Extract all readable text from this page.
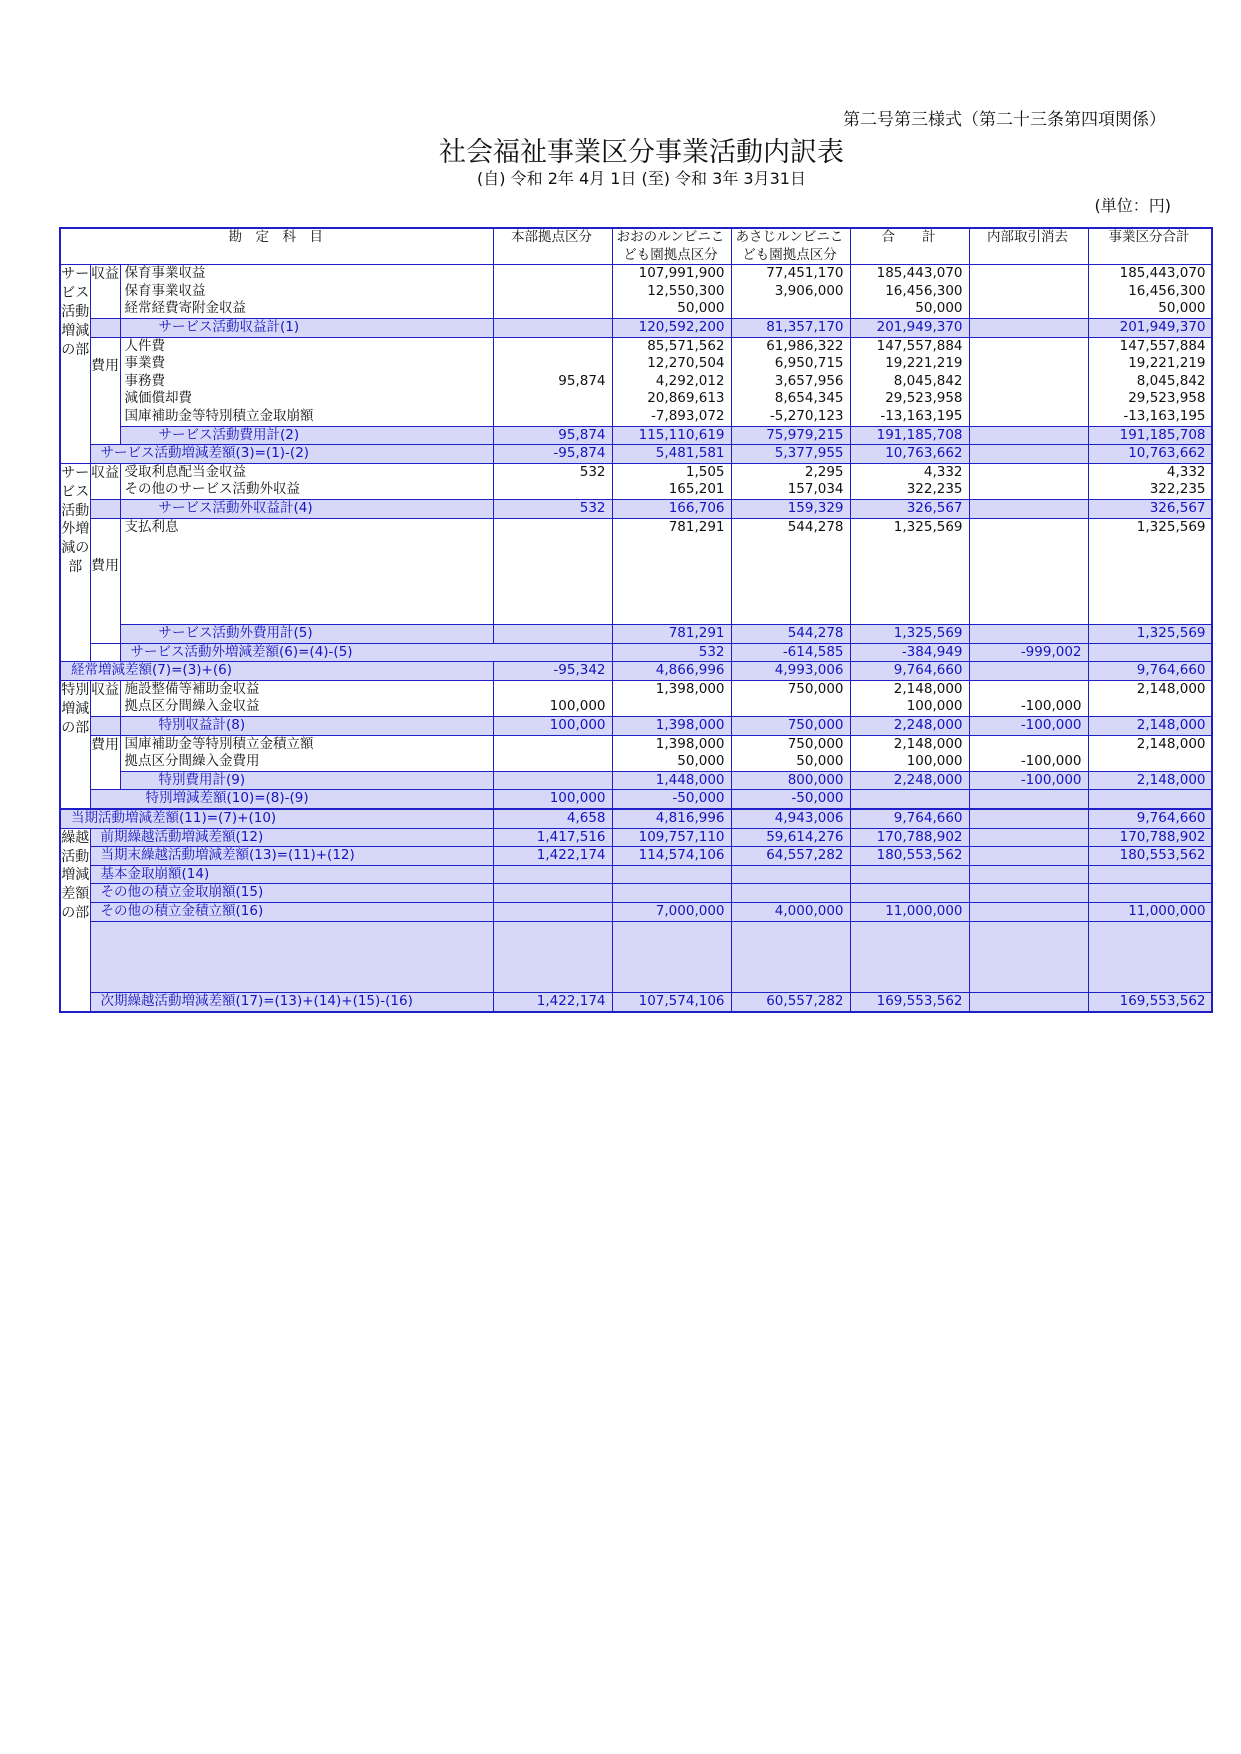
第二号第三様式（第二十三条第四項関係）
社会福祉事業区分事業活動内訳表
(自) 令和 2年 4月 1日 (至) 令和 3年 3月31日
(単位：円)
勘　定　科　目			本部拠点区分	おおのルンビニこ	あさじルンビニこ	合　　計	内部取引消去	事業区分合計	
				ども園拠点区分	ども園拠点区分				
サービス活動増減の部	収益	保育事業収益		107,991,900	77,451,170	185,443,070		185,443,070	
		保育事業収益		12,550,300	3,906,000	16,456,300		16,456,300	
		経常経費寄附金収益		50,000		50,000		50,000	
		サービス活動収益計(1)		120,592,200	81,357,170	201,949,370		201,949,370	
	費用	人件費		85,571,562	61,986,322	147,557,884		147,557,884	
		事業費		12,270,504	6,950,715	19,221,219		19,221,219	
		事務費	95,874	4,292,012	3,657,956	8,045,842		8,045,842	
		減価償却費		20,869,613	8,654,345	29,523,958		29,523,958	
		国庫補助金等特別積立金取崩額		-7,893,072	-5,270,123	-13,163,195		-13,163,195	
		サービス活動費用計(2)	95,874	115,110,619	75,979,215	191,185,708		191,185,708	
	サービス活動増減差額(3)=(1)-(2)		-95,874	5,481,581	5,377,955	10,763,662		10,763,662	
サービス活動外増減の部	収益	受取利息配当金収益	532	1,505	2,295	4,332		4,332	
		その他のサービス活動外収益		165,201	157,034	322,235		322,235	
		サービス活動外収益計(4)	532	166,706	159,329	326,567		326,567	
	費用	支払利息		781,291	544,278	1,325,569		1,325,569	

		サービス活動外費用計(5)		781,291	544,278	1,325,569		1,325,569	
		サービス活動外増減差額(6)=(4)-(5)		532	-614,585	-384,949	-999,002		
経常増減差額(7)=(3)+(6)			-95,342	4,866,996	4,993,006	9,764,660		9,764,660	
特別増減の部	収益	施設整備等補助金収益		1,398,000	750,000	2,148,000		2,148,000	
		拠点区分間繰入金収益	100,000			100,000	-100,000		
		特別収益計(8)	100,000	1,398,000	750,000	2,248,000	-100,000	2,148,000	
	費用	国庫補助金等特別積立金積立額		1,398,000	750,000	2,148,000		2,148,000	
		拠点区分間繰入金費用		50,000	50,000	100,000	-100,000		
		特別費用計(9)		1,448,000	800,000	2,248,000	-100,000	2,148,000	
	特別増減差額(10)=(8)-(9)		100,000	-50,000	-50,000				
当期活動増減差額(11)=(7)+(10)			4,658	4,816,996	4,943,006	9,764,660		9,764,660	
繰越活動増減差額の部	前期繰越活動増減差額(12)		1,417,516	109,757,110	59,614,276	170,788,902		170,788,902	
	当期末繰越活動増減差額(13)=(11)+(12)		1,422,174	114,574,106	64,557,282	180,553,562		180,553,562	
	基本金取崩額(14)								
	その他の積立金取崩額(15)								
	その他の積立金積立額(16)			7,000,000	4,000,000	11,000,000		11,000,000	

	次期繰越活動増減差額(17)=(13)+(14)+(15)-(16)		1,422,174	107,574,106	60,557,282	169,553,562		169,553,562	
